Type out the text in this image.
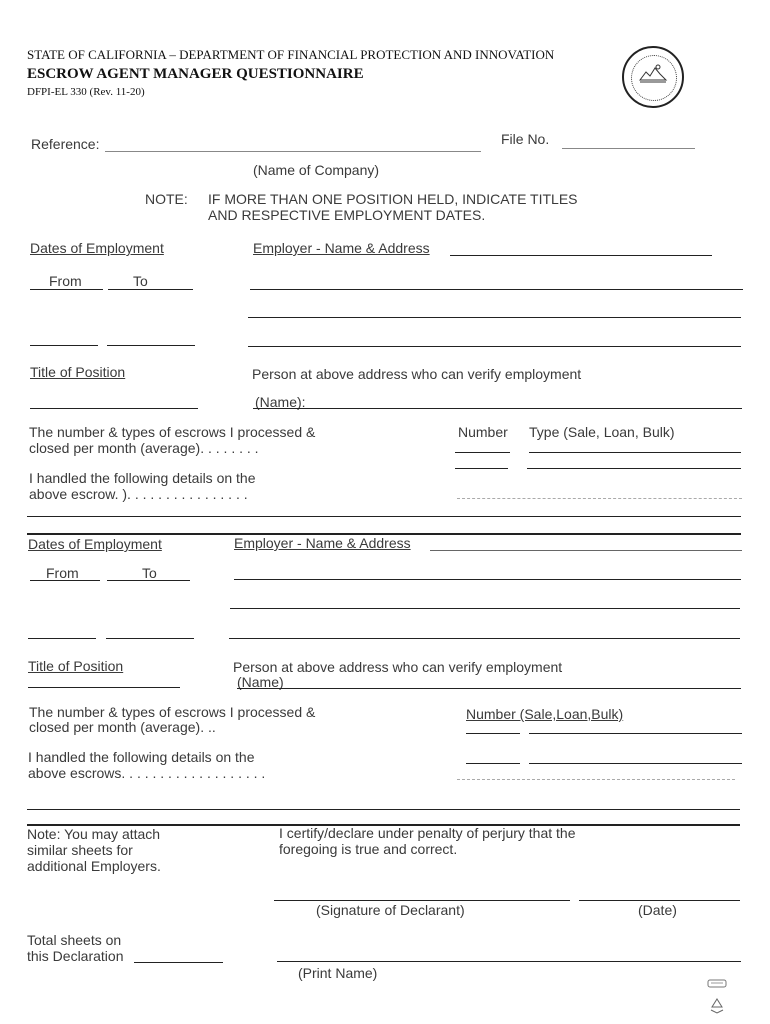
STATE OF CALIFORNIA – DEPARTMENT OF FINANCIAL PROTECTION AND INNOVATION
ESCROW AGENT MANAGER QUESTIONNAIRE
DFPI-EL 330 (Rev. 11-20)
Reference:	File No.
(Name of Company)
NOTE: IF MORE THAN ONE POSITION HELD, INDICATE TITLES
AND RESPECTIVE EMPLOYMENT DATES.
Dates of Employment	Employer - Name & Address
From	To
Title of Position	Person at above address who can verify employment
(Name):
The number & types of escrows I processed &
closed per month (average). . . . . . . .
Number Type (Sale, Loan, Bulk)
I handled the following details on the
above escrow. ). . . . . . . . . . . . . . . .
Dates of Employment	Employer - Name & Address
From	To
Title of Position	Person at above address who can verify employment
(Name)
The number & types of escrows I processed &
closed per month (average). ..
Number (Sale,Loan,Bulk)
I handled the following details on the
above escrows. . . . . . . . . . . . . . . . . . .
Note: You may attach
similar sheets for
additional Employers.
I certify/declare under penalty of perjury that the
foregoing is true and correct.
(Signature of Declarant)	(Date)
Total sheets on
this Declaration
(Print Name)
